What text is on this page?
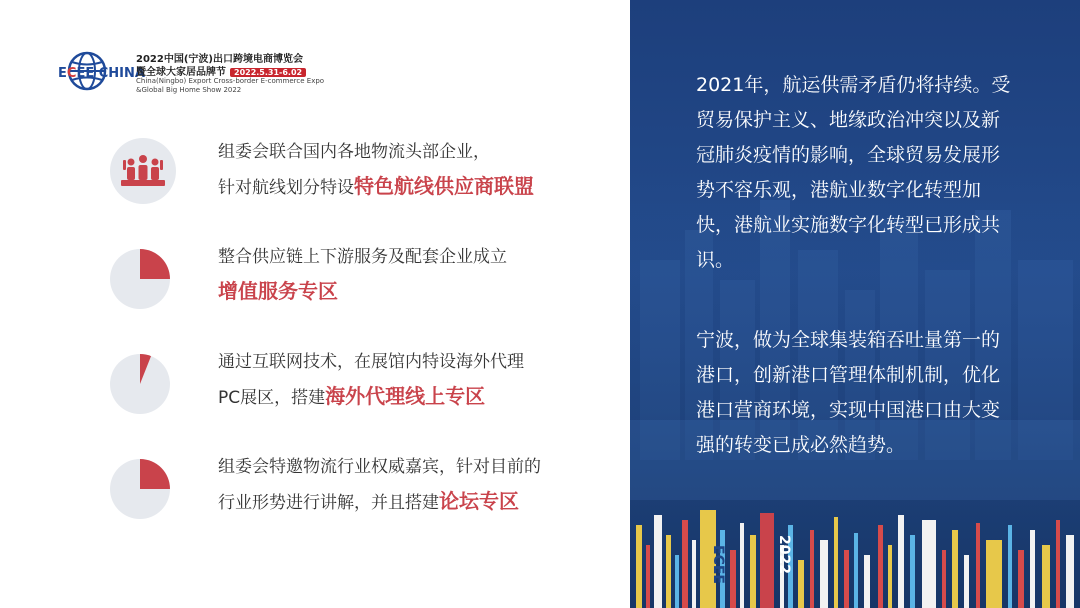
ECEE CHINA
2022中国(宁波)出口跨境电商博览会
暨全球大家居品牌节 2022.5.31-6.02
China(Ningbo) Export Cross-border E-commerce Expo
&Global Big Home Show 2022
组委会联合国内各地物流头部企业，
针对航线划分特设特色航线供应商联盟
整合供应链上下游服务及配套企业成立
增值服务专区
通过互联网技术，在展馆内特设海外代理
PC展区，搭建海外代理线上专区
组委会特邀物流行业权威嘉宾，针对目前的
行业形势进行讲解，并且搭建论坛专区
ECEE	2022

2021年，航运供需矛盾仍将持续。受贸易保护主义、地缘政治冲突以及新冠肺炎疫情的影响，全球贸易发展形势不容乐观，港航业数字化转型加快，港航业实施数字化转型已形成共识。

宁波，做为全球集装箱吞吐量第一的港口，创新港口管理体制机制，优化港口营商环境，实现中国港口由大变强的转变已成必然趋势。
